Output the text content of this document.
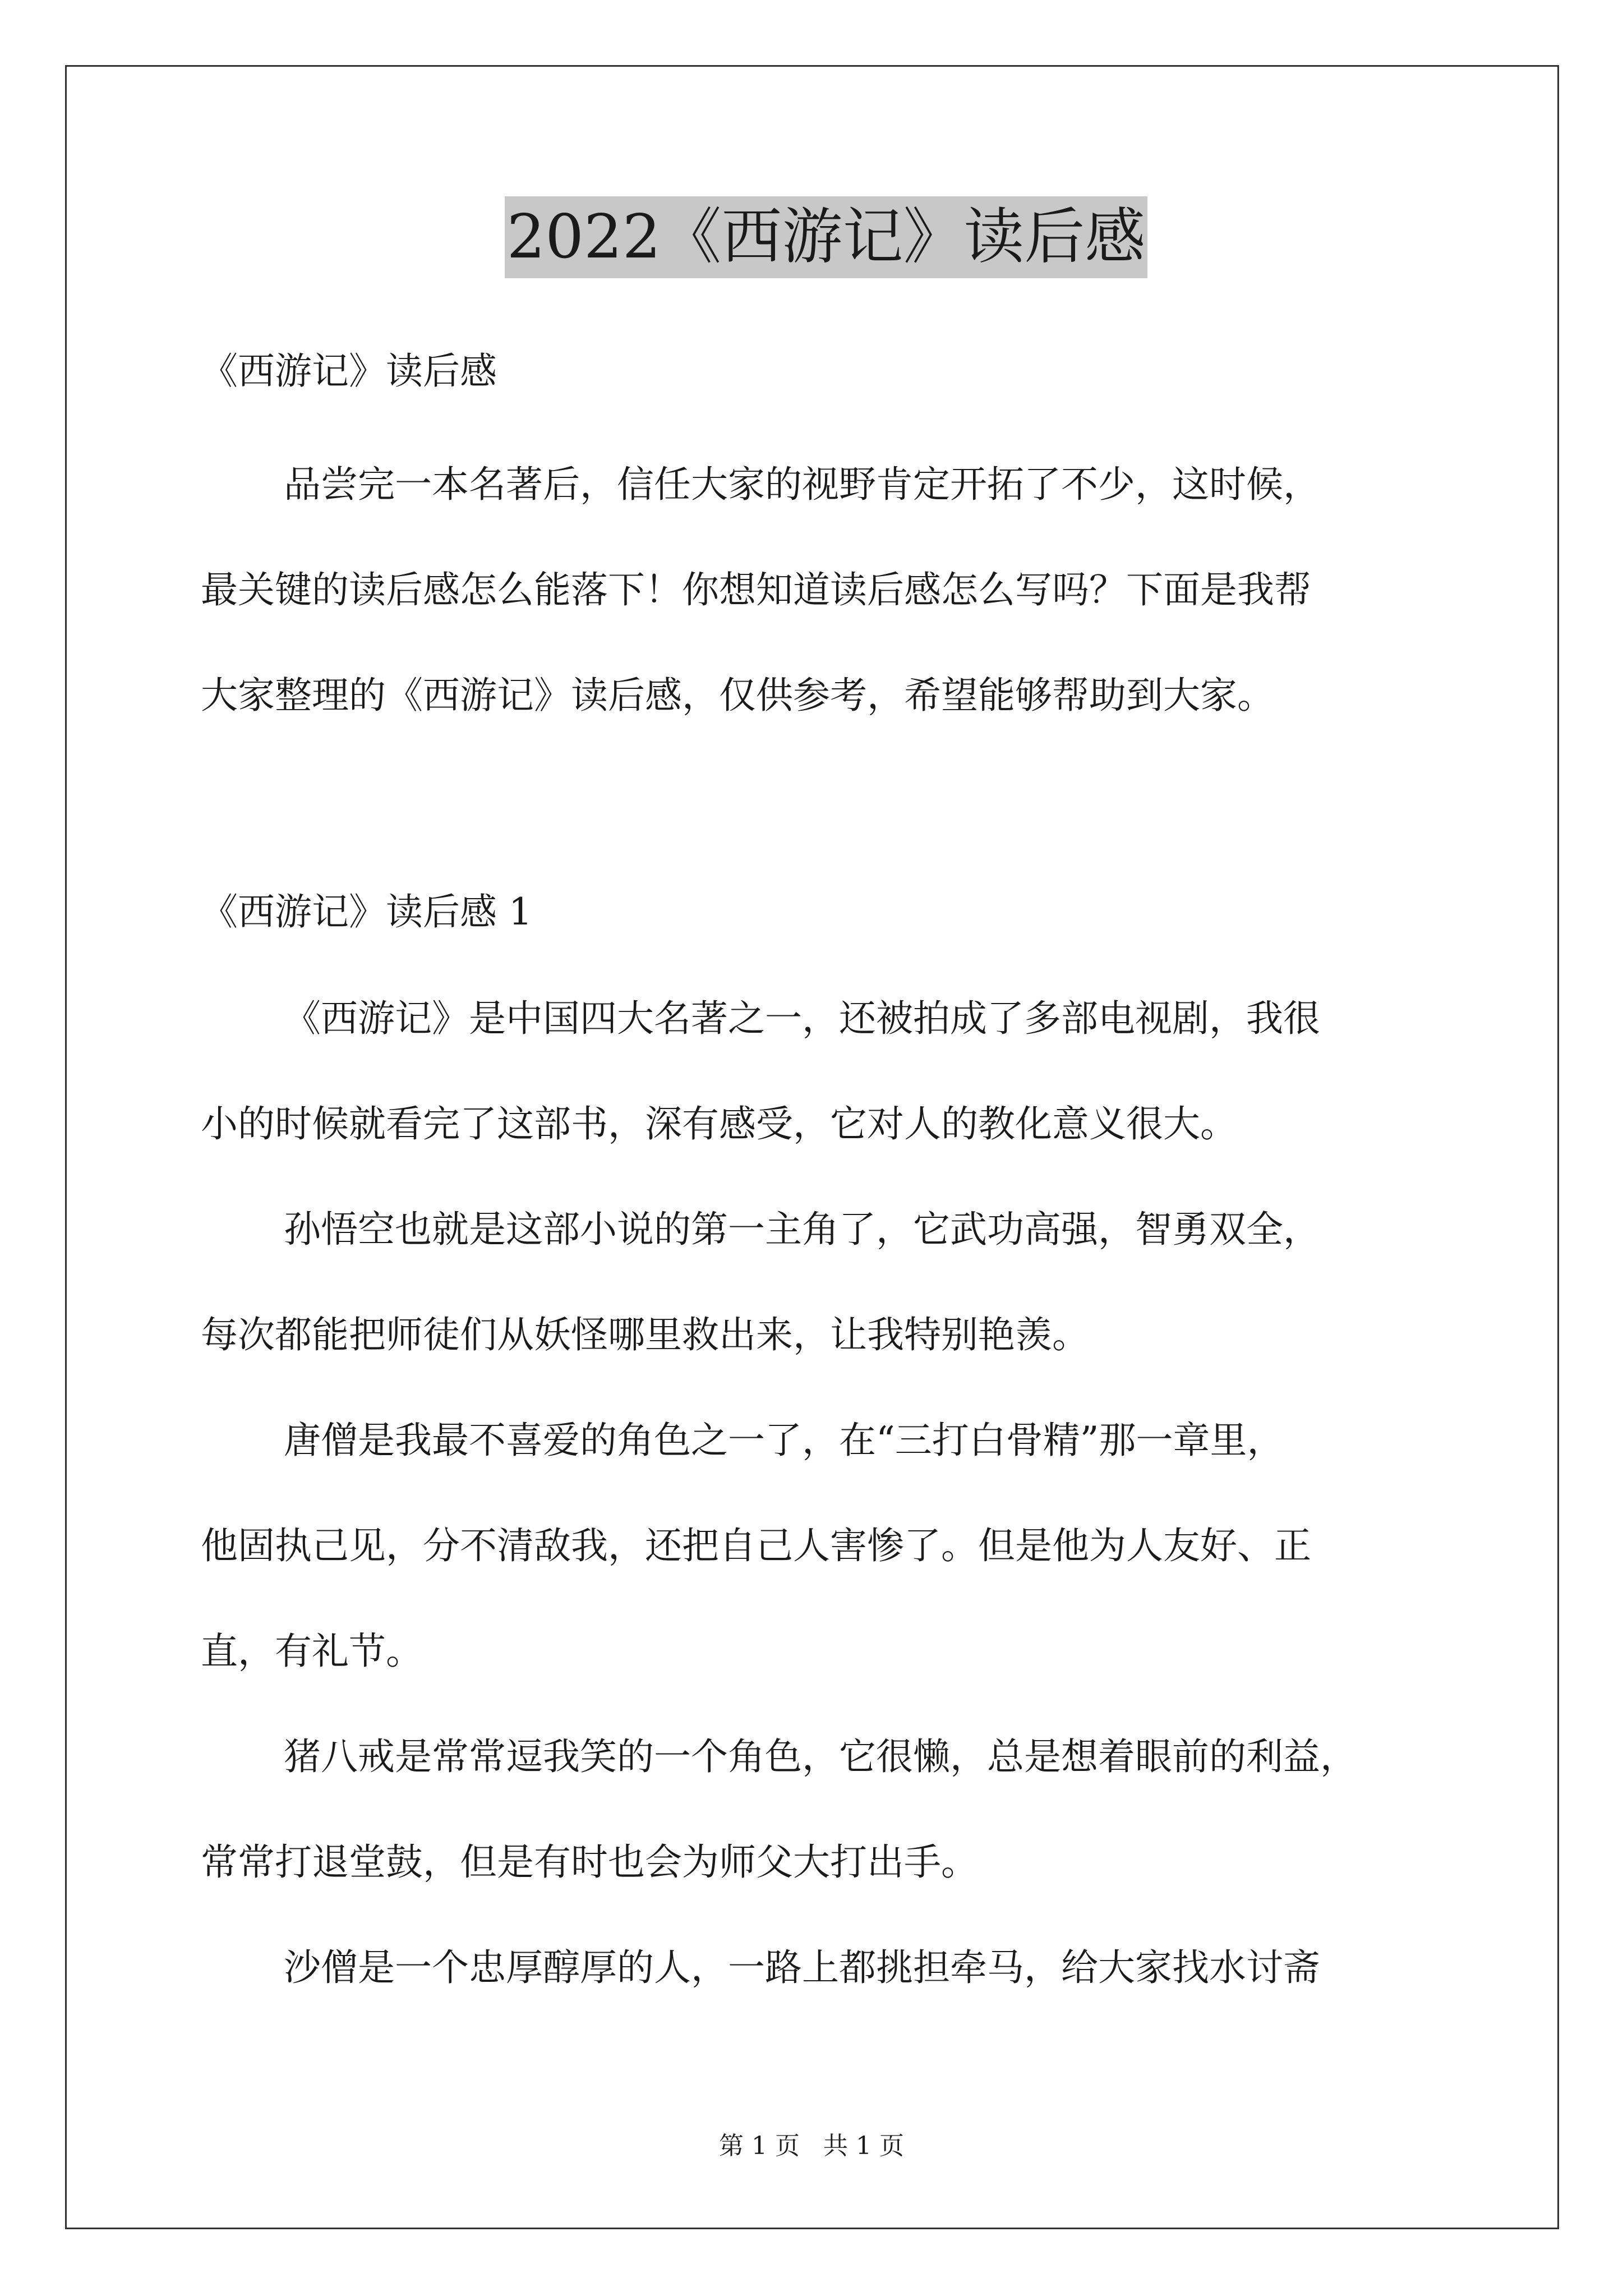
2022《西游记》读后感
《西游记》读后感
品尝完一本名著后，信任大家的视野肯定开拓了不少，这时候，
最关键的读后感怎么能落下！你想知道读后感怎么写吗？下面是我帮
大家整理的《西游记》读后感，仅供参考，希望能够帮助到大家。
《西游记》读后感 1
《西游记》是中国四大名著之一，还被拍成了多部电视剧，我很
小的时候就看完了这部书，深有感受，它对人的教化意义很大。
孙悟空也就是这部小说的第一主角了，它武功高强，智勇双全，
每次都能把师徒们从妖怪哪里救出来，让我特别艳羡。
唐僧是我最不喜爱的角色之一了，在“三打白骨精”那一章里，
他固执己见，分不清敌我，还把自己人害惨了。但是他为人友好、正
直，有礼节。
猪八戒是常常逗我笑的一个角色，它很懒，总是想着眼前的利益，
常常打退堂鼓，但是有时也会为师父大打出手。
沙僧是一个忠厚醇厚的人，一路上都挑担牵马，给大家找水讨斋
第 1 页 共 1 页
